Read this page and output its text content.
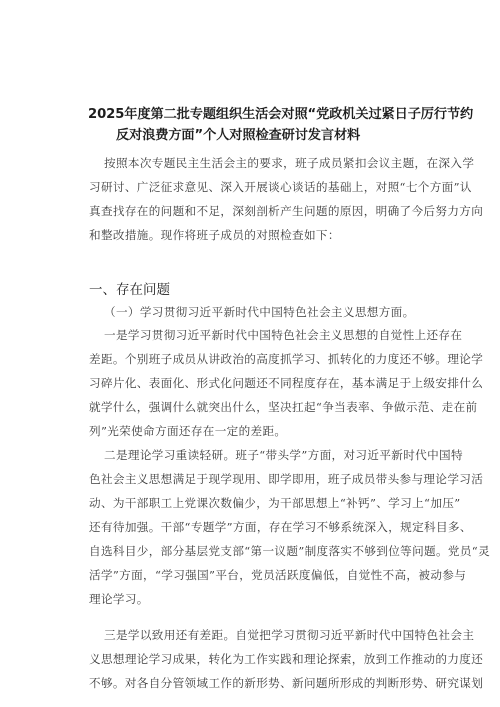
2025年度第二批专题组织生活会对照“党政机关过紧日子厉行节约
反对浪费方面”个人对照检查研讨发言材料
按照本次专题民主生活会主的要求，班子成员紧扣会议主题，在深入学
习研讨、广泛征求意见、深入开展谈心谈话的基础上，对照“七个方面”认
真查找存在的问题和不足，深刻剖析产生问题的原因，明确了今后努力方向
和整改措施。现作将班子成员的对照检查如下：
一、存在问题
（一）学习贯彻习近平新时代中国特色社会主义思想方面。
一是学习贯彻习近平新时代中国特色社会主义思想的自觉性上还存在
差距。个别班子成员从讲政治的高度抓学习、抓转化的力度还不够。理论学
习碎片化、表面化、形式化问题还不同程度存在，基本满足于上级安排什么
就学什么，强调什么就突出什么，坚决扛起“争当表率、争做示范、走在前
列”光荣使命方面还存在一定的差距。
二是理论学习重读轻研。班子“带头学”方面，对习近平新时代中国特
色社会主义思想满足于现学现用、即学即用，班子成员带头参与理论学习活
动、为干部职工上党课次数偏少，为干部思想上“补钙”、学习上“加压”
还有待加强。干部“专题学”方面，存在学习不够系统深入，规定科目多、
自选科目少，部分基层党支部“第一议题”制度落实不够到位等问题。党员“灵
活学”方面，“学习强国”平台，党员活跃度偏低，自觉性不高，被动参与
理论学习。
三是学以致用还有差距。自觉把学习贯彻习近平新时代中国特色社会主
义思想理论学习成果，转化为工作实践和理论探索，放到工作推动的力度还
不够。对各自分管领域工作的新形势、新问题所形成的判断形势、研究谋划
